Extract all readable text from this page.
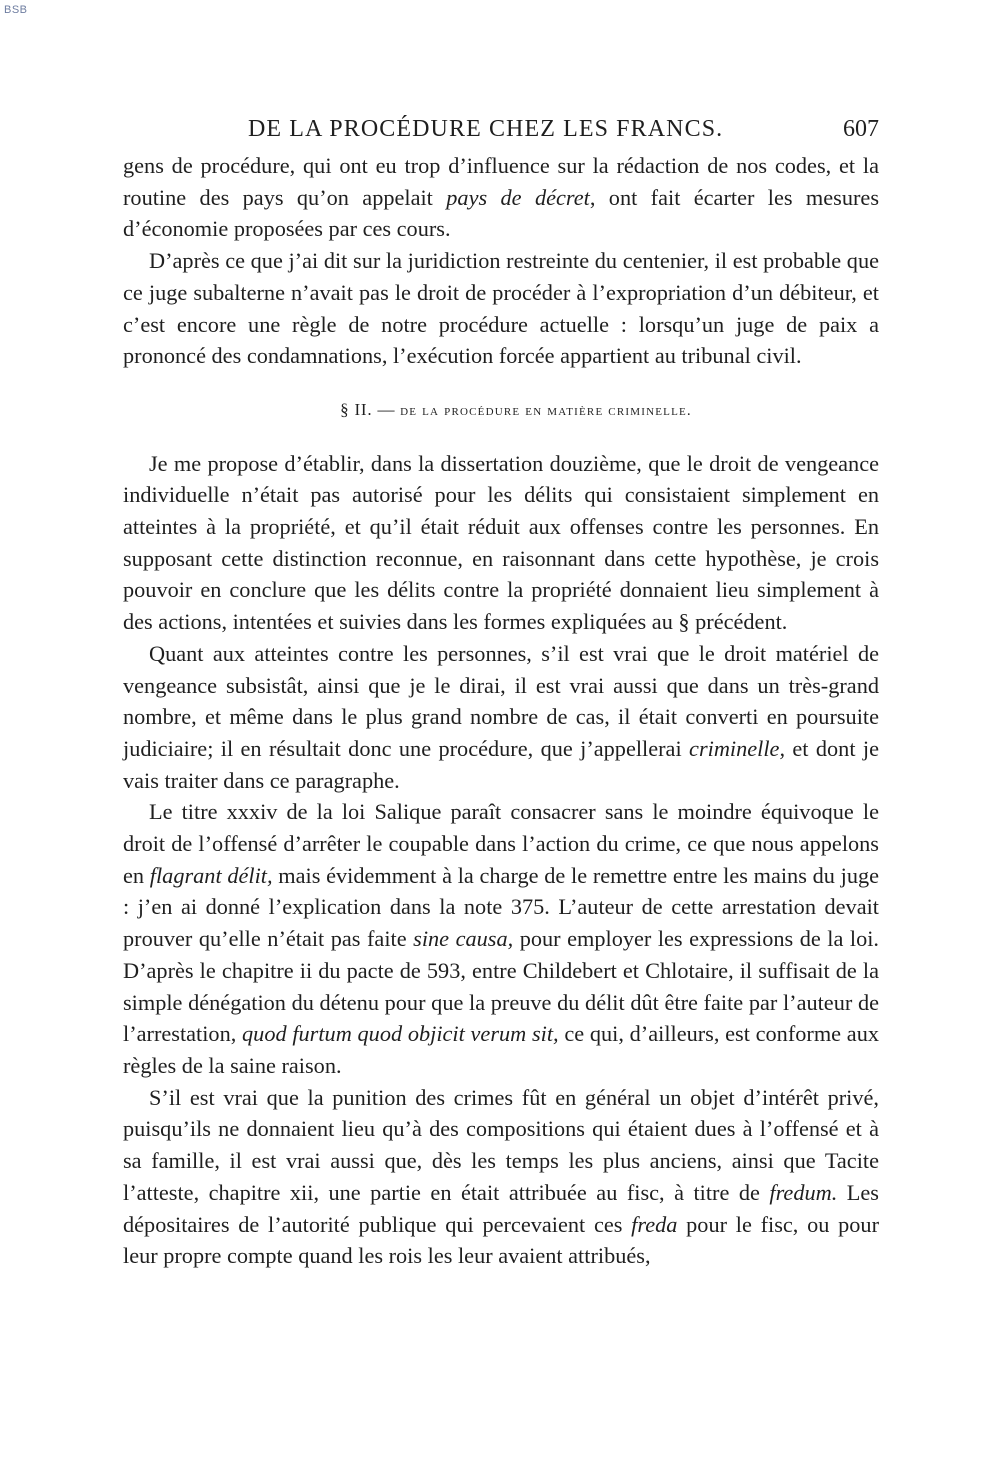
BSB
DE LA PROCÉDURE CHEZ LES FRANCS.	607

gens de procédure, qui ont eu trop d’influence sur la rédaction de nos codes, et la routine des pays qu’on appelait pays de décret, ont fait écarter les mesures d’économie proposées par ces cours.

D’après ce que j’ai dit sur la juridiction restreinte du centenier, il est probable que ce juge subalterne n’avait pas le droit de procéder à l’expropriation d’un débiteur, et c’est encore une règle de notre procédure actuelle : lorsqu’un juge de paix a prononcé des condamnations, l’exécution forcée appartient au tribunal civil.

§ II. — de la procédure en matière criminelle.

Je me propose d’établir, dans la dissertation douzième, que le droit de vengeance individuelle n’était pas autorisé pour les délits qui consistaient simplement en atteintes à la propriété, et qu’il était réduit aux offenses contre les personnes. En supposant cette distinction reconnue, en raisonnant dans cette hypothèse, je crois pouvoir en conclure que les délits contre la propriété donnaient lieu simplement à des actions, intentées et suivies dans les formes expliquées au § précédent.

Quant aux atteintes contre les personnes, s’il est vrai que le droit matériel de vengeance subsistât, ainsi que je le dirai, il est vrai aussi que dans un très-grand nombre, et même dans le plus grand nombre de cas, il était converti en poursuite judiciaire; il en résultait donc une procédure, que j’appellerai criminelle, et dont je vais traiter dans ce paragraphe.

Le titre xxxiv de la loi Salique paraît consacrer sans le moindre équivoque le droit de l’offensé d’arrêter le coupable dans l’action du crime, ce que nous appelons en flagrant délit, mais évidemment à la charge de le remettre entre les mains du juge : j’en ai donné l’explication dans la note 375. L’auteur de cette arrestation devait prouver qu’elle n’était pas faite sine causa, pour employer les expressions de la loi. D’après le chapitre ii du pacte de 593, entre Childebert et Chlotaire, il suffisait de la simple dénégation du détenu pour que la preuve du délit dût être faite par l’auteur de l’arrestation, quod furtum quod objicit verum sit, ce qui, d’ailleurs, est conforme aux règles de la saine raison.

S’il est vrai que la punition des crimes fût en général un objet d’intérêt privé, puisqu’ils ne donnaient lieu qu’à des compositions qui étaient dues à l’offensé et à sa famille, il est vrai aussi que, dès les temps les plus anciens, ainsi que Tacite l’atteste, chapitre xii, une partie en était attribuée au fisc, à titre de fredum. Les dépositaires de l’autorité publique qui percevaient ces freda pour le fisc, ou pour leur propre compte quand les rois les leur avaient attribués,
